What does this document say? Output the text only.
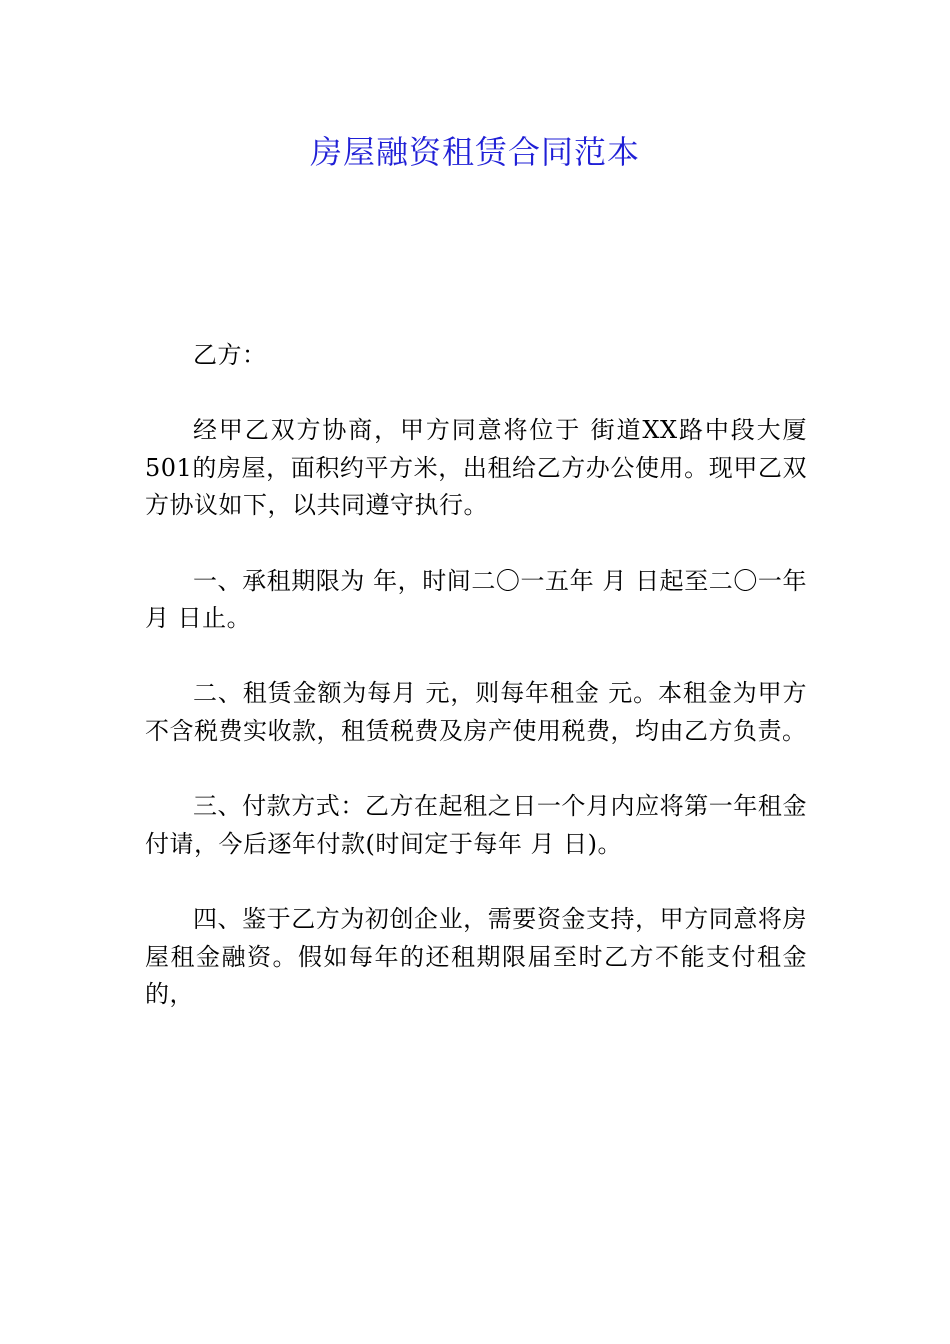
房屋融资租赁合同范本

乙方：

经甲乙双方协商，甲方同意将位于 街道XX路中段大厦501的房屋，面积约平方米，出租给乙方办公使用。现甲乙双方协议如下，以共同遵守执行。

一、承租期限为 年，时间二〇一五年 月 日起至二〇一年 月 日止。

二、租赁金额为每月 元，则每年租金 元。本租金为甲方不含税费实收款，租赁税费及房产使用税费，均由乙方负责。

三、付款方式：乙方在起租之日一个月内应将第一年租金付请，今后逐年付款(时间定于每年 月 日)。

四、鉴于乙方为初创企业，需要资金支持，甲方同意将房屋租金融资。假如每年的还租期限届至时乙方不能支付租金的，
